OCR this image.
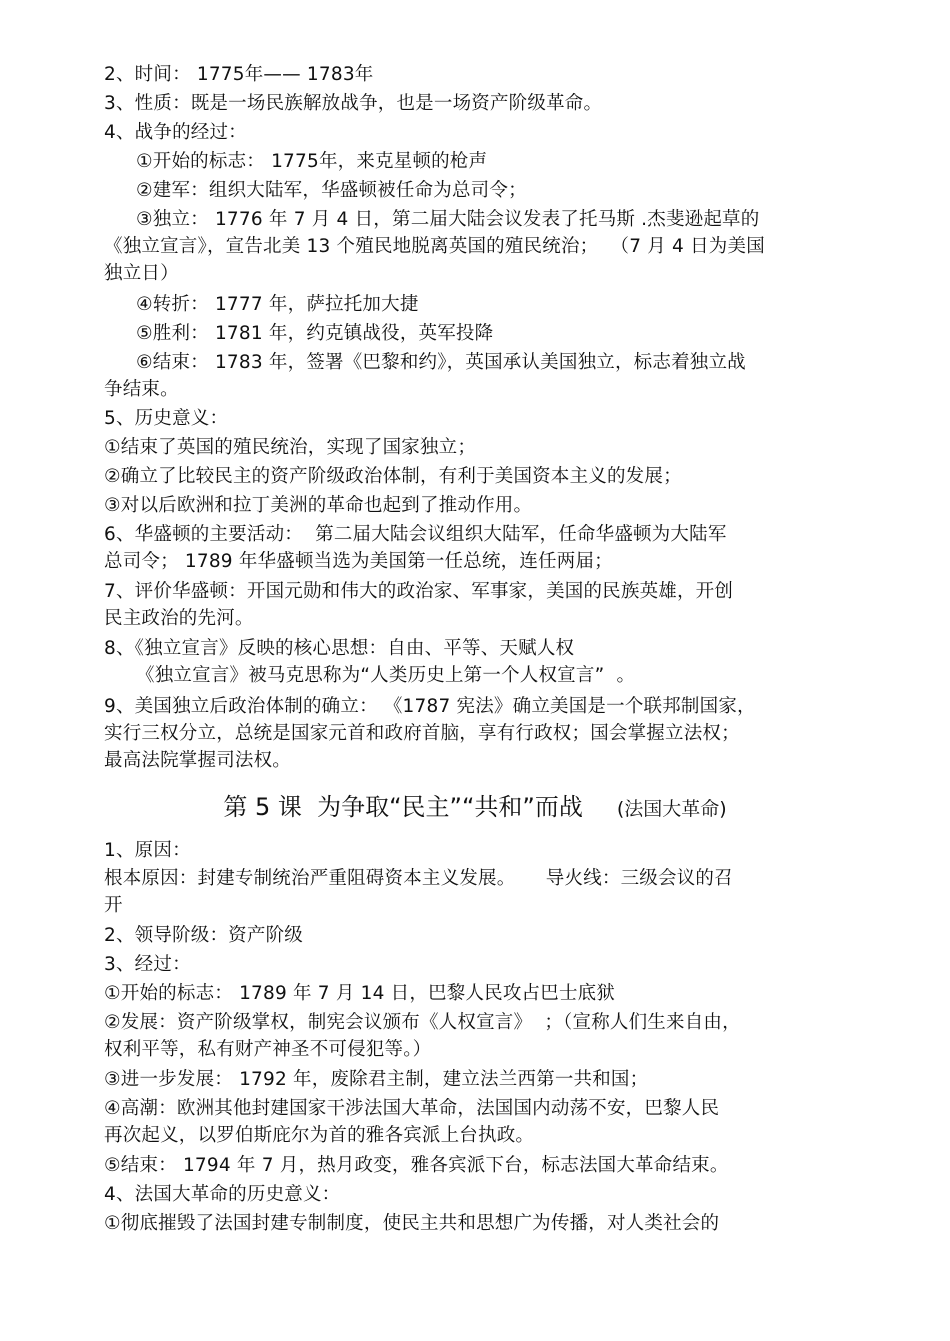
2、时间： 1775年—— 1783年
3、性质：既是一场民族解放战争，也是一场资产阶级革命。
4、战争的经过：
①开始的标志： 1775年，来克星顿的枪声
②建军：组织大陆军，华盛顿被任命为总司令；
③独立： 1776 年 7 月 4 日，第二届大陆会议发表了托马斯 .杰斐逊起草的
《独立宣言》，宣告北美 13 个殖民地脱离英国的殖民统治；  （7 月 4 日为美国
独立日）
④转折： 1777 年，萨拉托加大捷
⑤胜利： 1781 年，约克镇战役，英军投降
⑥结束： 1783 年，签署《巴黎和约》，英国承认美国独立，标志着独立战
争结束。
5、历史意义：
①结束了英国的殖民统治，实现了国家独立；
②确立了比较民主的资产阶级政治体制，有利于美国资本主义的发展；
③对以后欧洲和拉丁美洲的革命也起到了推动作用。
6、华盛顿的主要活动：  第二届大陆会议组织大陆军，任命华盛顿为大陆军
总司令； 1789 年华盛顿当选为美国第一任总统，连任两届；
7、评价华盛顿：开国元勋和伟大的政治家、军事家，美国的民族英雄，开创
民主政治的先河。
8、《独立宣言》反映的核心思想：自由、平等、天赋人权
《独立宣言》被马克思称为“人类历史上第一个人权宣言”  。
9、美国独立后政治体制的确立： 《1787 宪法》确立美国是一个联邦制国家，
实行三权分立，总统是国家元首和政府首脑，享有行政权；国会掌握立法权；
最高法院掌握司法权。
第 5 课  为争取“民主”“共和”而战 (法国大革命)
1、原因：
根本原因：封建专制统治严重阻碍资本主义发展。     导火线：三级会议的召
开
2、领导阶级：资产阶级
3、经过：
①开始的标志： 1789 年 7 月 14 日，巴黎人民攻占巴士底狱
②发展：资产阶级掌权，制宪会议颁布《人权宣言》  ；（宣称人们生来自由，
权利平等，私有财产神圣不可侵犯等。）
③进一步发展： 1792 年，废除君主制，建立法兰西第一共和国；
④高潮：欧洲其他封建国家干涉法国大革命，法国国内动荡不安，巴黎人民
再次起义，以罗伯斯庇尔为首的雅各宾派上台执政。
⑤结束： 1794 年 7 月，热月政变，雅各宾派下台，标志法国大革命结束。
4、法国大革命的历史意义：
①彻底摧毁了法国封建专制制度，使民主共和思想广为传播，对人类社会的
